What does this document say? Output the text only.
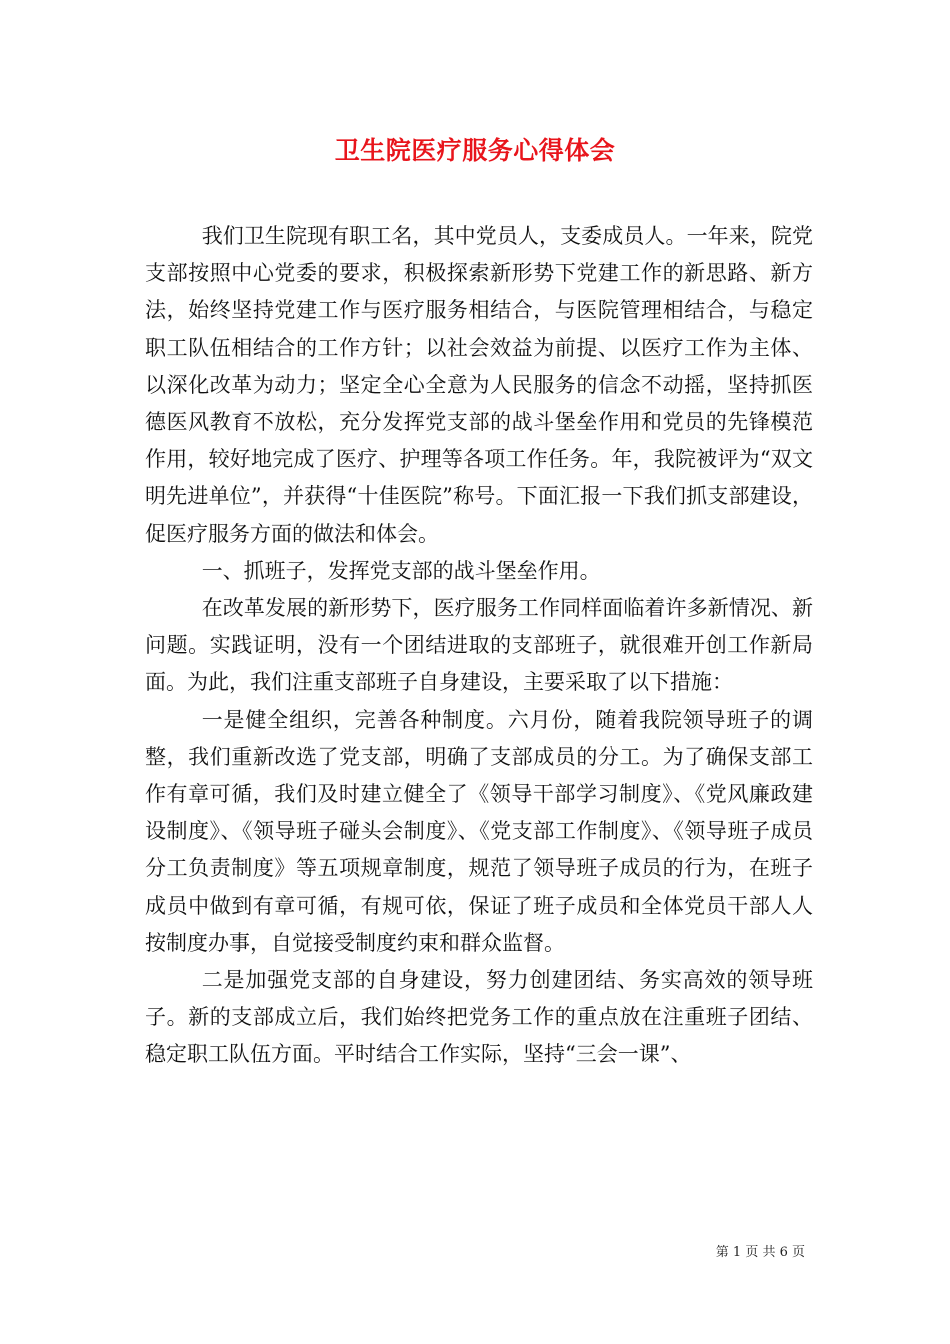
卫生院医疗服务心得体会

我们卫生院现有职工名，其中党员人，支委成员人。一年来，院党支部按照中心党委的要求，积极探索新形势下党建工作的新思路、新方法，始终坚持党建工作与医疗服务相结合，与医院管理相结合，与稳定职工队伍相结合的工作方针；以社会效益为前提、以医疗工作为主体、以深化改革为动力；坚定全心全意为人民服务的信念不动摇，坚持抓医德医风教育不放松，充分发挥党支部的战斗堡垒作用和党员的先锋模范作用，较好地完成了医疗、护理等各项工作任务。年，我院被评为“双文明先进单位”，并获得“十佳医院”称号。下面汇报一下我们抓支部建设，促医疗服务方面的做法和体会。

一、抓班子，发挥党支部的战斗堡垒作用。

在改革发展的新形势下，医疗服务工作同样面临着许多新情况、新问题。实践证明，没有一个团结进取的支部班子，就很难开创工作新局面。为此，我们注重支部班子自身建设，主要采取了以下措施：

一是健全组织，完善各种制度。六月份，随着我院领导班子的调整，我们重新改选了党支部，明确了支部成员的分工。为了确保支部工作有章可循，我们及时建立健全了《领导干部学习制度》、《党风廉政建设制度》、《领导班子碰头会制度》、《党支部工作制度》、《领导班子成员分工负责制度》等五项规章制度，规范了领导班子成员的行为，在班子成员中做到有章可循，有规可依，保证了班子成员和全体党员干部人人按制度办事，自觉接受制度约束和群众监督。

二是加强党支部的自身建设，努力创建团结、务实高效的领导班子。新的支部成立后，我们始终把党务工作的重点放在注重班子团结、稳定职工队伍方面。平时结合工作实际，坚持“三会一课”、

第 1 页 共 6 页
